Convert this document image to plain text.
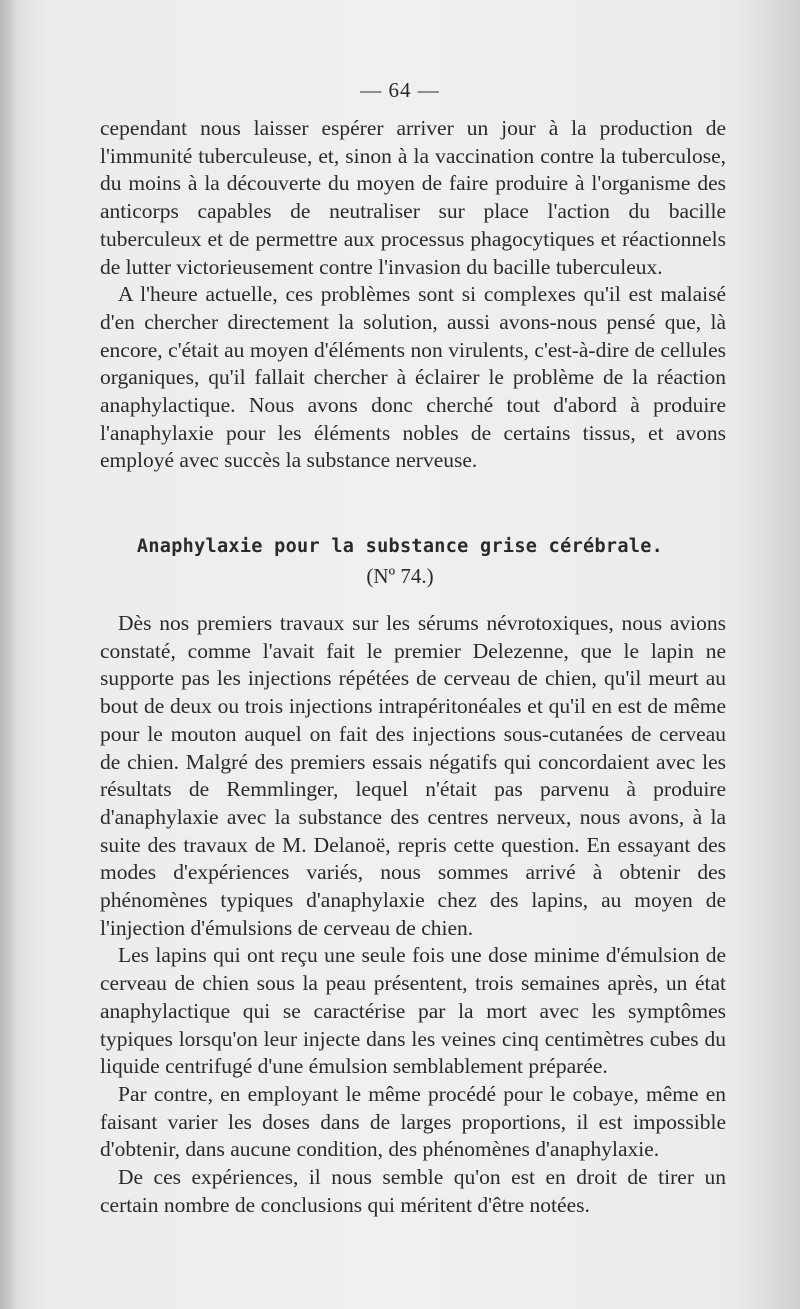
— 64 —

cependant nous laisser espérer arriver un jour à la production de l'immunité tuberculeuse, et, sinon à la vaccination contre la tuberculose, du moins à la découverte du moyen de faire produire à l'organisme des anticorps capables de neutraliser sur place l'action du bacille tuberculeux et de permettre aux processus phagocytiques et réactionnels de lutter victorieusement contre l'invasion du bacille tuberculeux.

A l'heure actuelle, ces problèmes sont si complexes qu'il est malaisé d'en chercher directement la solution, aussi avons-nous pensé que, là encore, c'était au moyen d'éléments non virulents, c'est-à-dire de cellules organiques, qu'il fallait chercher à éclairer le problème de la réaction anaphylactique. Nous avons donc cherché tout d'abord à produire l'anaphylaxie pour les éléments nobles de certains tissus, et avons employé avec succès la substance nerveuse.

Anaphylaxie pour la substance grise cérébrale.
(Nº 74.)

Dès nos premiers travaux sur les sérums névrotoxiques, nous avions constaté, comme l'avait fait le premier Delezenne, que le lapin ne supporte pas les injections répétées de cerveau de chien, qu'il meurt au bout de deux ou trois injections intrapéritonéales et qu'il en est de même pour le mouton auquel on fait des injections sous-cutanées de cerveau de chien. Malgré des premiers essais négatifs qui concordaient avec les résultats de Remmlinger, lequel n'était pas parvenu à produire d'anaphylaxie avec la substance des centres nerveux, nous avons, à la suite des travaux de M. Delanoë, repris cette question. En essayant des modes d'expériences variés, nous sommes arrivé à obtenir des phénomènes typiques d'anaphylaxie chez des lapins, au moyen de l'injection d'émulsions de cerveau de chien.

Les lapins qui ont reçu une seule fois une dose minime d'émulsion de cerveau de chien sous la peau présentent, trois semaines après, un état anaphylactique qui se caractérise par la mort avec les symptômes typiques lorsqu'on leur injecte dans les veines cinq centimètres cubes du liquide centrifugé d'une émulsion semblablement préparée.

Par contre, en employant le même procédé pour le cobaye, même en faisant varier les doses dans de larges proportions, il est impossible d'obtenir, dans aucune condition, des phénomènes d'anaphylaxie.

De ces expériences, il nous semble qu'on est en droit de tirer un certain nombre de conclusions qui méritent d'être notées.
